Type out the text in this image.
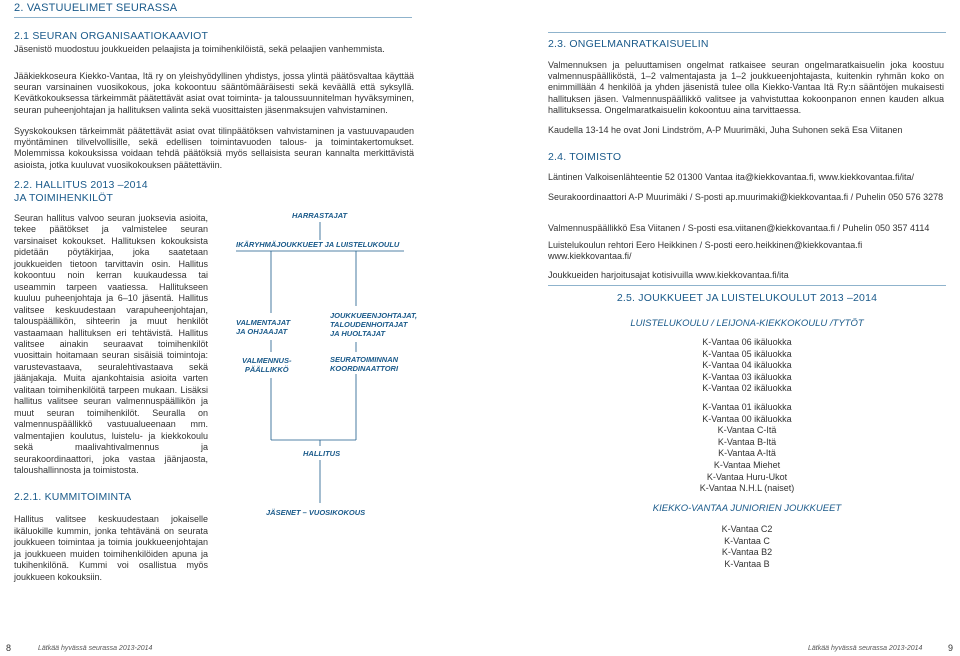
2. VASTUUELIMET SEURASSA
2.1 SEURAN ORGANISAATIOKAAVIOT
Jäsenistö muodostuu joukkueiden pelaajista ja toimihenkilöistä, sekä pelaajien vanhemmista.
Jääkiekkoseura Kiekko-Vantaa, Itä ry on yleishyödyllinen yhdistys, jossa ylintä päätösvaltaa käyttää seuran varsinainen vuosikokous, joka kokoontuu sääntömääräisesti sekä keväällä että syksyllä. Kevätkokouksessa tärkeimmät päätettävät asiat ovat toiminta- ja taloussuunnitelman hyväksyminen, seuran puheenjohtajan ja hallituksen valinta sekä vuosittaisten jäsenmaksujen vahvistaminen.
Syyskokouksen tärkeimmät päätettävät asiat ovat tilinpäätöksen vahvistaminen ja vastuuvapauden myöntäminen tilivelvollisille, sekä edellisen toimintavuoden talous- ja toimintakertomukset. Molemmissa kokouksissa voidaan tehdä päätöksiä myös sellaisista seuran kannalta merkittävistä asioista, jotka kuuluvat vuosikokouksen päätettäviin.
2.2. HALLITUS 2013 –2014
JA TOIMIHENKILÖT
Seuran hallitus valvoo seuran juoksevia asioita, tekee päätökset ja valmistelee seuran varsinaiset kokoukset. Hallituksen kokouksista pidetään pöytäkirjaa, joka saatetaan joukkueiden tietoon tarvittavin osin. Hallitus kokoontuu noin kerran kuukaudessa tai useammin tarpeen vaatiessa. Hallitukseen kuuluu puheenjohtaja ja 6–10 jäsentä. Hallitus valitsee keskuudestaan varapuheenjohtajan, talouspäällikön, sihteerin ja muut henkilöt vastaamaan hallituksen eri tehtävistä. Hallitus valitsee ainakin seuraavat toimihenkilöt vuosittain hoitamaan seuran sisäisiä toimintoja: varustevastaava, seuralehtivastaava sekä jäänjakaja. Muita ajankohtaisia asioita varten valitaan toimihenkilöitä tarpeen mukaan. Lisäksi hallitus valitsee seuran valmennuspäällikön ja muut seuran toimihenkilöt. Seuralla on valmennuspäällikkö vastuualueenaan mm. valmentajien koulutus, luistelu- ja kiekkokoulu sekä maalivahtivalmennus ja seurakoordinaattori, joka vastaa jäänjaosta, taloushallinnosta ja toimistosta.
2.2.1. KUMMITOIMINTA
Hallitus valitsee keskuudestaan jokaiselle ikäluokille kummin, jonka tehtävänä on seurata joukkueen toimintaa ja toimia joukkueenjohtajan ja joukkueen muiden toimihenkilöiden apuna ja tukihenkilönä. Kummi voi osallistua myös joukkueen kokouksiin.
HARRASTAJAT
IKÄRYHMÄJOUKKUEET JA LUISTELUKOULU
VALMENTAJAT
JA OHJAAJAT
JOUKKUEENJOHTAJAT,
TALOUDENHOITAJAT
JA HUOLTAJAT
VALMENNUS-
PÄÄLLIKKÖ
SEURATOIMINNAN
KOORDINAATTORI
HALLITUS
JÄSENET – VUOSIKOKOUS
8	Lätkää hyvässä seurassa 2013-2014
2.3. ONGELMANRATKAISUELIN
Valmennuksen ja peluuttamisen ongelmat ratkaisee seuran ongelmaratkaisuelin joka koostuu valmennuspäälliköstä, 1–2 valmentajasta ja 1–2 joukkueenjohtajasta, kuitenkin ryhmän koko on enimmillään 4 henkilöä ja yhden jäsenistä tulee olla Kiekko-Vantaa Itä Ry:n sääntöjen mukaisesti hallituksen jäsen. Valmennuspäällikkö valitsee ja vahvistuttaa kokoonpanon ennen kauden alkua hallituksessa. Ongelmaratkaisuelin kokoontuu aina tarvittaessa.
Kaudella 13-14 he ovat Joni Lindström, A-P Muurimäki, Juha Suhonen sekä Esa Viitanen
2.4. TOIMISTO
Läntinen Valkoisenlähteentie 52 01300 Vantaa ita@kiekkovantaa.fi, www.kiekkovantaa.fi/ita/
Seurakoordinaattori A-P Muurimäki / S-posti ap.muurimaki@kiekkovantaa.fi / Puhelin 050 576 3278
Valmennuspäällikkö Esa Viitanen / S-posti esa.viitanen@kiekkovantaa.fi / Puhelin 050 357 4114
Luistelukoulun rehtori Eero Heikkinen / S-posti eero.heikkinen@kiekkovantaa.fi www.kiekkovantaa.fi/
Joukkueiden harjoitusajat kotisivuilla www.kiekkovantaa.fi/ita
2.5. JOUKKUEET JA LUISTELUKOULUT 2013 –2014
LUISTELUKOULU / LEIJONA-KIEKKOKOULU /TYTÖT
K-Vantaa 06 ikäluokka
K-Vantaa 05 ikäluokka
K-Vantaa 04 ikäluokka
K-Vantaa 03 ikäluokka
K-Vantaa 02 ikäluokka
K-Vantaa 01 ikäluokka
K-Vantaa 00 ikäluokka
K-Vantaa C-Itä
K-Vantaa B-Itä
K-Vantaa A-Itä
K-Vantaa Miehet
K-Vantaa Huru-Ukot
K-Vantaa N.H.L (naiset)
KIEKKO-VANTAA JUNIORIEN JOUKKUEET
K-Vantaa C2
K-Vantaa C
K-Vantaa B2
K-Vantaa B
Lätkää hyvässä seurassa 2013-2014	9
